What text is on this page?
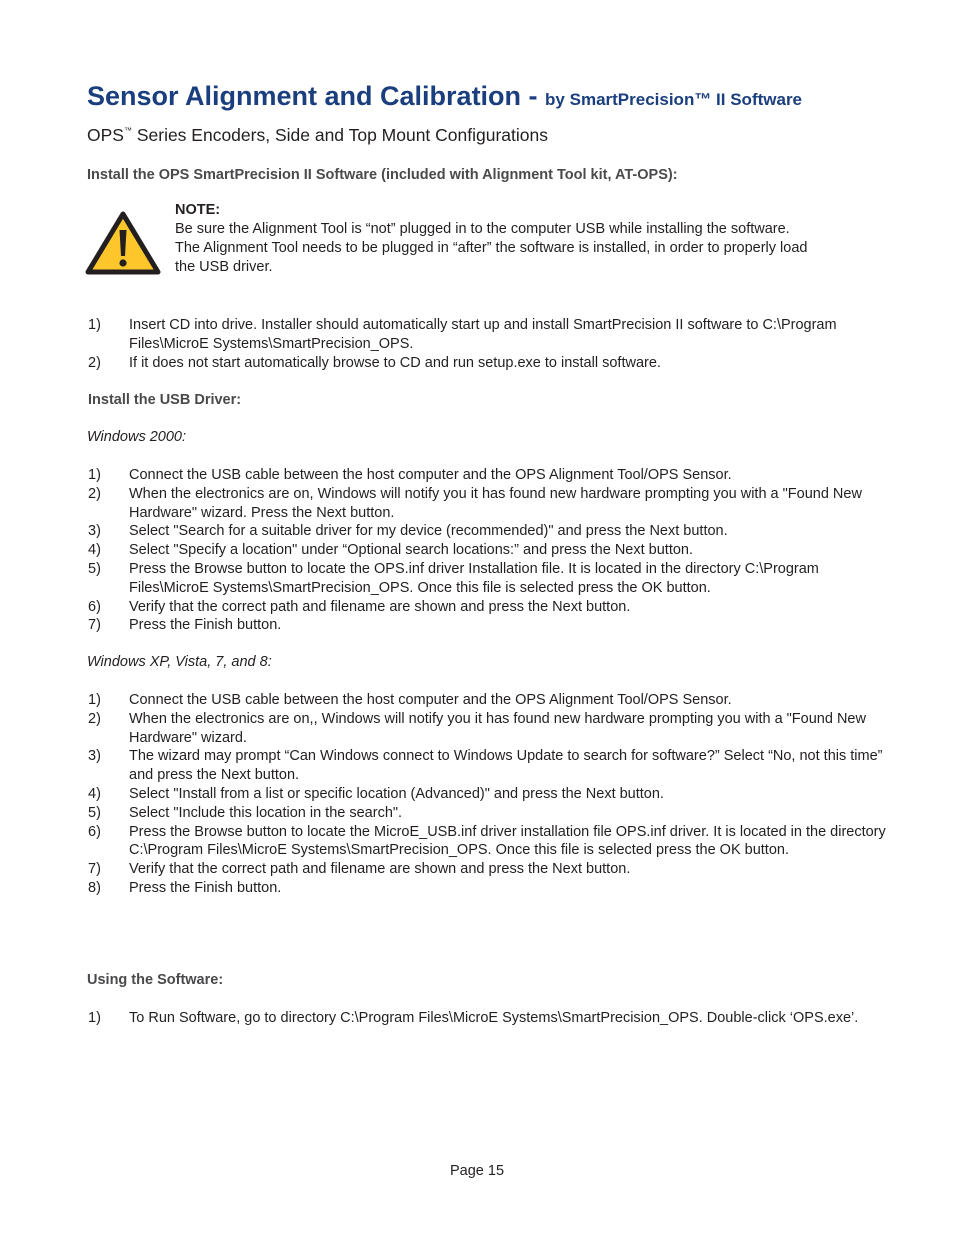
Sensor Alignment and Calibration - by SmartPrecision™ II Software
OPS™ Series Encoders, Side and Top Mount Configurations
Install the OPS SmartPrecision II Software (included with Alignment Tool kit, AT-OPS):
NOTE:
Be sure the Alignment Tool is “not” plugged in to the computer USB while installing the software.
The Alignment Tool needs to be plugged in “after” the software is installed, in order to properly load
the USB driver.
1) Insert CD into drive. Installer should automatically start up and install SmartPrecision II software to C:\Program Files\MicroE Systems\SmartPrecision_OPS.
2) If it does not start automatically browse to CD and run setup.exe to install software.
Install the USB Driver:
Windows 2000:
1) Connect the USB cable between the host computer and the OPS Alignment Tool/OPS Sensor.
2) When the electronics are on, Windows will notify you it has found new hardware prompting you with a "Found New Hardware" wizard. Press the Next button.
3) Select "Search for a suitable driver for my device (recommended)" and press the Next button.
4) Select "Specify a location" under “Optional search locations:” and press the Next button.
5) Press the Browse button to locate the OPS.inf driver Installation file. It is located in the directory C:\Program Files\MicroE Systems\SmartPrecision_OPS. Once this file is selected press the OK button.
6) Verify that the correct path and filename are shown and press the Next button.
7) Press the Finish button.
Windows XP, Vista, 7, and 8:
1) Connect the USB cable between the host computer and the OPS Alignment Tool/OPS Sensor.
2) When the electronics are on,, Windows will notify you it has found new hardware prompting you with a "Found New Hardware" wizard.
3) The wizard may prompt “Can Windows connect to Windows Update to search for software?” Select “No, not this time” and press the Next button.
4) Select "Install from a list or specific location (Advanced)" and press the Next button.
5) Select "Include this location in the search".
6) Press the Browse button to locate the MicroE_USB.inf driver installation file OPS.inf driver. It is located in the directory C:\Program Files\MicroE Systems\SmartPrecision_OPS. Once this file is selected press the OK button.
7) Verify that the correct path and filename are shown and press the Next button.
8) Press the Finish button.
Using the Software:
1) To Run Software, go to directory C:\Program Files\MicroE Systems\SmartPrecision_OPS. Double-click ‘OPS.exe’.
Page 15
